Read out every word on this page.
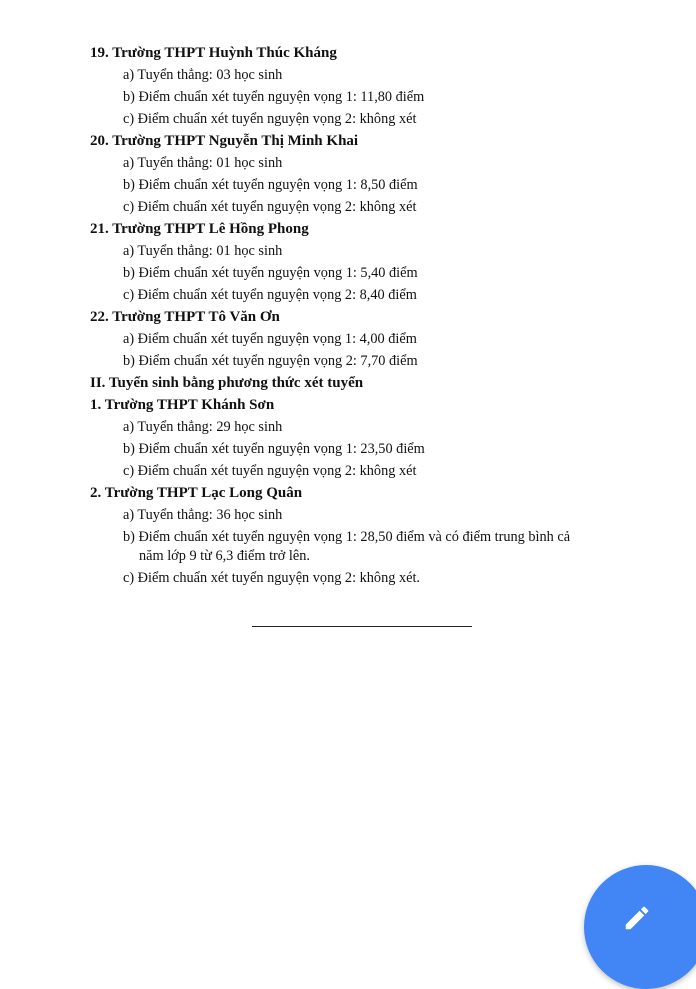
19. Trường THPT Huỳnh Thúc Kháng
a) Tuyển thẳng: 03 học sinh
b) Điểm chuẩn xét tuyển nguyện vọng 1: 11,80 điểm
c) Điểm chuẩn xét tuyển nguyện vọng 2: không xét
20. Trường THPT Nguyễn Thị Minh Khai
a) Tuyển thẳng: 01 học sinh
b) Điểm chuẩn xét tuyển nguyện vọng 1: 8,50 điểm
c) Điểm chuẩn xét tuyển nguyện vọng 2: không xét
21. Trường THPT Lê Hồng Phong
a) Tuyển thẳng: 01 học sinh
b) Điểm chuẩn xét tuyển nguyện vọng 1: 5,40 điểm
c) Điểm chuẩn xét tuyển nguyện vọng 2: 8,40 điểm
22. Trường THPT Tô Văn Ơn
a) Điểm chuẩn xét tuyển nguyện vọng 1: 4,00 điểm
b) Điểm chuẩn xét tuyển nguyện vọng 2: 7,70 điểm
II. Tuyển sinh bằng phương thức xét tuyển
1. Trường THPT Khánh Sơn
a) Tuyển thẳng: 29 học sinh
b) Điểm chuẩn xét tuyển nguyện vọng 1: 23,50 điểm
c) Điểm chuẩn xét tuyển nguyện vọng 2: không xét
2. Trường THPT Lạc Long Quân
a) Tuyển thẳng: 36 học sinh
b) Điểm chuẩn xét tuyển nguyện vọng 1: 28,50 điểm và có điểm trung bình cả
năm lớp 9 từ 6,3 điểm trở lên.
c) Điểm chuẩn xét tuyển nguyện vọng 2: không xét.
